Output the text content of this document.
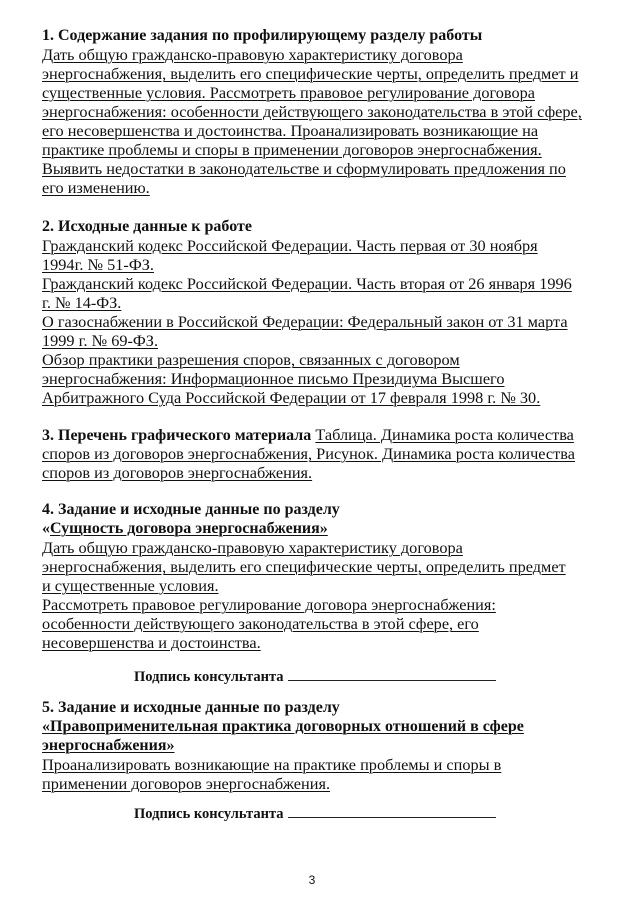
1. Содержание задания по профилирующему разделу работы
Дать общую гражданско-правовую характеристику договора
энергоснабжения, выделить его специфические черты, определить предмет и
существенные условия. Рассмотреть правовое регулирование договора
энергоснабжения: особенности действующего законодательства в этой сфере,
его несовершенства и достоинства. Проанализировать возникающие на
практике проблемы и споры в применении договоров энергоснабжения.
Выявить недостатки в законодательстве и сформулировать предложения по
его изменению.
2. Исходные данные к работе
Гражданский кодекс Российской Федерации. Часть первая от 30 ноября
1994г. № 51-ФЗ.
Гражданский кодекс Российской Федерации. Часть вторая от 26 января 1996
г. № 14-ФЗ.
О газоснабжении в Российской Федерации: Федеральный закон от 31 марта
1999 г. № 69-ФЗ.
Обзор практики разрешения споров, связанных с договором
энергоснабжения: Информационное письмо Президиума Высшего
Арбитражного Суда Российской Федерации от 17 февраля 1998 г. № 30.
3. Перечень графического материала Таблица. Динамика роста количества
споров из договоров энергоснабжения, Рисунок. Динамика роста количества
споров из договоров энергоснабжения.
4. Задание и исходные данные по разделу
«Сущность договора энергоснабжения»
Дать общую гражданско-правовую характеристику договора
энергоснабжения, выделить его специфические черты, определить предмет
и существенные условия.
Рассмотреть правовое регулирование договора энергоснабжения:
особенности действующего законодательства в этой сфере, его
несовершенства и достоинства.
Подпись консультанта
5. Задание и исходные данные по разделу
«Правоприменительная практика договорных отношений в сфере
энергоснабжения»
Проанализировать возникающие на практике проблемы и споры в
применении договоров энергоснабжения.
Подпись консультанта
3
